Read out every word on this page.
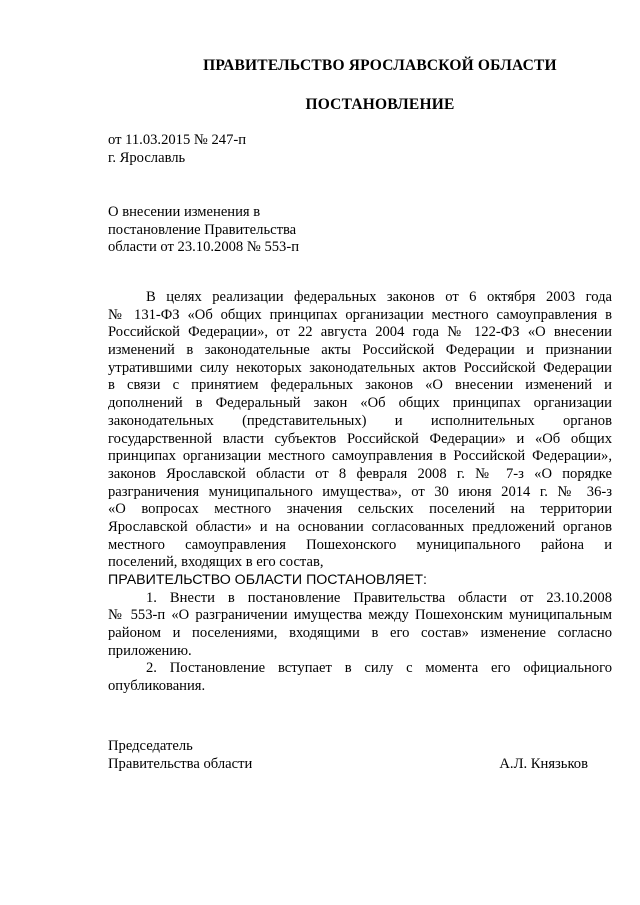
ПРАВИТЕЛЬСТВО ЯРОСЛАВСКОЙ ОБЛАСТИ
ПОСТАНОВЛЕНИЕ
от 11.03.2015 № 247-п
г. Ярославль
О внесении изменения в
постановление Правительства
области от 23.10.2008 № 553-п
В целях реализации федеральных законов от 6 октября 2003 года
№ 131-ФЗ «Об общих принципах организации местного самоуправления в
Российской Федерации», от 22 августа 2004 года № 122-ФЗ «О внесении
изменений в законодательные акты Российской Федерации и признании
утратившими силу некоторых законодательных актов Российской Федерации
в связи с принятием федеральных законов «О внесении изменений и
дополнений в Федеральный закон «Об общих принципах организации
законодательных (представительных) и исполнительных органов
государственной власти субъектов Российской Федерации» и «Об общих
принципах организации местного самоуправления в Российской Федерации»,
законов Ярославской области от 8 февраля 2008 г. № 7-з «О порядке
разграничения муниципального имущества», от 30 июня 2014 г. № 36-з
«О вопросах местного значения сельских поселений на территории
Ярославской области» и на основании согласованных предложений органов
местного самоуправления Пошехонского муниципального района и
поселений, входящих в его состав,
ПРАВИТЕЛЬСТВО ОБЛАСТИ ПОСТАНОВЛЯЕТ:
1. Внести в постановление Правительства области от 23.10.2008
№ 553-п «О разграничении имущества между Пошехонским муниципальным
районом и поселениями, входящими в его состав» изменение согласно
приложению.
2. Постановление вступает в силу с момента его официального
опубликования.
Председатель
Правительства области	А.Л. Князьков
